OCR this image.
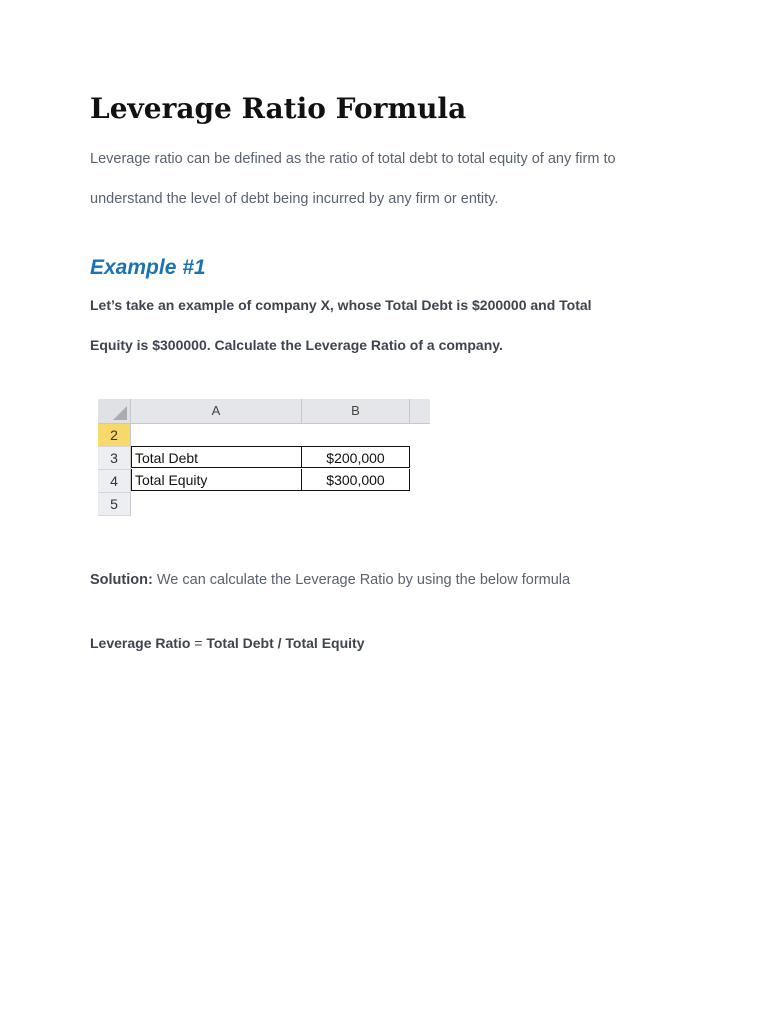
Leverage Ratio Formula

Leverage ratio can be defined as the ratio of total debt to total equity of any firm to

understand the level of debt being incurred by any firm or entity.

Example #1

Let’s take an example of company X, whose Total Debt is $200000 and Total

Equity is $300000. Calculate the Leverage Ratio of a company.

A	B
2
3
4
5
Total Debt	$200,000
Total Equity	$300,000

Solution: We can calculate the Leverage Ratio by using the below formula

Leverage Ratio = Total Debt / Total Equity
